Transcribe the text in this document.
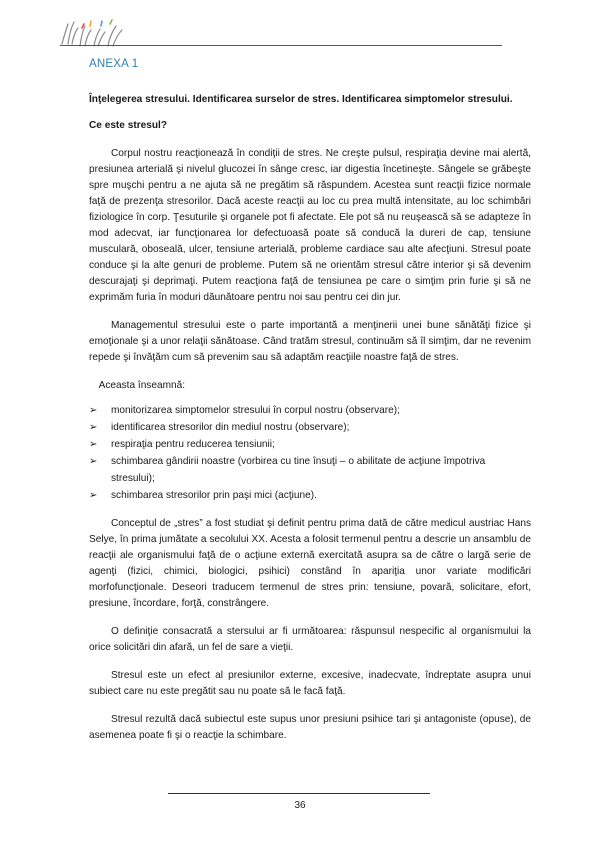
ANEXA 1

Înţelegerea stresului. Identificarea surselor de stres. Identificarea simptomelor stresului.

Ce este stresul?

Corpul nostru reacţionează în condiţii de stres. Ne creşte pulsul, respiraţia devine mai alertă, presiunea arterială şi nivelul glucozei în sânge cresc, iar digestia încetineşte. Sângele se grăbeşte spre muşchi pentru a ne ajuta să ne pregătim să răspundem. Acestea sunt reacţii fizice normale faţă de prezenţa stresorilor. Dacă aceste reacţii au loc cu prea multă intensitate, au loc schimbări fiziologice în corp. Ţesuturile şi organele pot fi afectate. Ele pot să nu reuşească să se adapteze în mod adecvat, iar funcţionarea lor defectuoasă poate să conducă la dureri de cap, tensiune musculară, oboseală, ulcer, tensiune arterială, probleme cardiace sau alte afecţiuni. Stresul poate conduce şi la alte genuri de probleme. Putem să ne orientăm stresul către interior şi să devenim descurajaţi şi deprimaţi. Putem reacţiona faţă de tensiunea pe care o simţim prin furie şi să ne exprimăm furia în moduri dăunătoare pentru noi sau pentru cei din jur.

Managementul stresului este o parte importantă a menţinerii unei bune sănătăţi fizice şi emoţionale şi a unor relaţii sănătoase. Când tratăm stresul, continuăm să îl simţim, dar ne revenim repede şi învăţăm cum să prevenim sau să adaptăm reacţiile noastre faţă de stres.

Aceasta înseamnă:

➢ monitorizarea simptomelor stresului în corpul nostru (observare);
➢ identificarea stresorilor din mediul nostru (observare);
➢ respiraţia pentru reducerea tensiunii;
➢ schimbarea gândirii noastre (vorbirea cu tine însuţi – o abilitate de acţiune împotriva stresului);
➢ schimbarea stresorilor prin paşi mici (acţiune).

Conceptul de „stres” a fost studiat şi definit pentru prima dată de către medicul austriac Hans Selye, în prima jumătate a secolului XX. Acesta a folosit termenul pentru a descrie un ansamblu de reacţii ale organismului faţă de o acţiune externă exercitată asupra sa de către o largă serie de agenţi (fizici, chimici, biologici, psihici) constând în apariţia unor variate modificări morfofuncţionale. Deseori traducem termenul de stres prin: tensiune, povară, solicitare, efort, presiune, încordare, forţă, constrângere.

O definiţie consacrată a stersului ar fi următoarea: răspunsul nespecific al organismului la orice solicitări din afară, un fel de sare a vieţii.

Stresul este un efect al presiunilor externe, excesive, inadecvate, îndreptate asupra unui subiect care nu este pregătit sau nu poate să le facă faţă.

Stresul rezultă dacă subiectul este supus unor presiuni psihice tari şi antagoniste (opuse), de asemenea poate fi şi o reacţie la schimbare.

36
